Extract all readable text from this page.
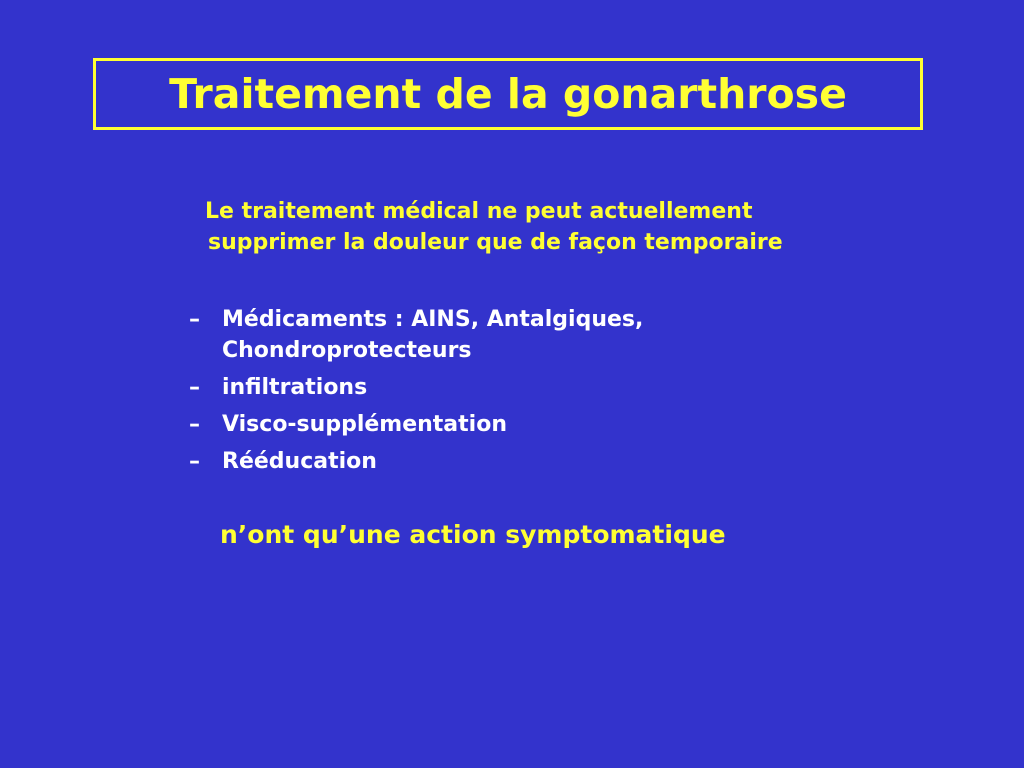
Traitement de la gonarthrose
Le traitement médical ne peut actuellement
supprimer la douleur que de façon temporaire
–	Médicaments : AINS, Antalgiques,
Chondroprotecteurs
–	infiltrations
–	Visco-supplémentation
–	Rééducation
n’ont qu’une action symptomatique
